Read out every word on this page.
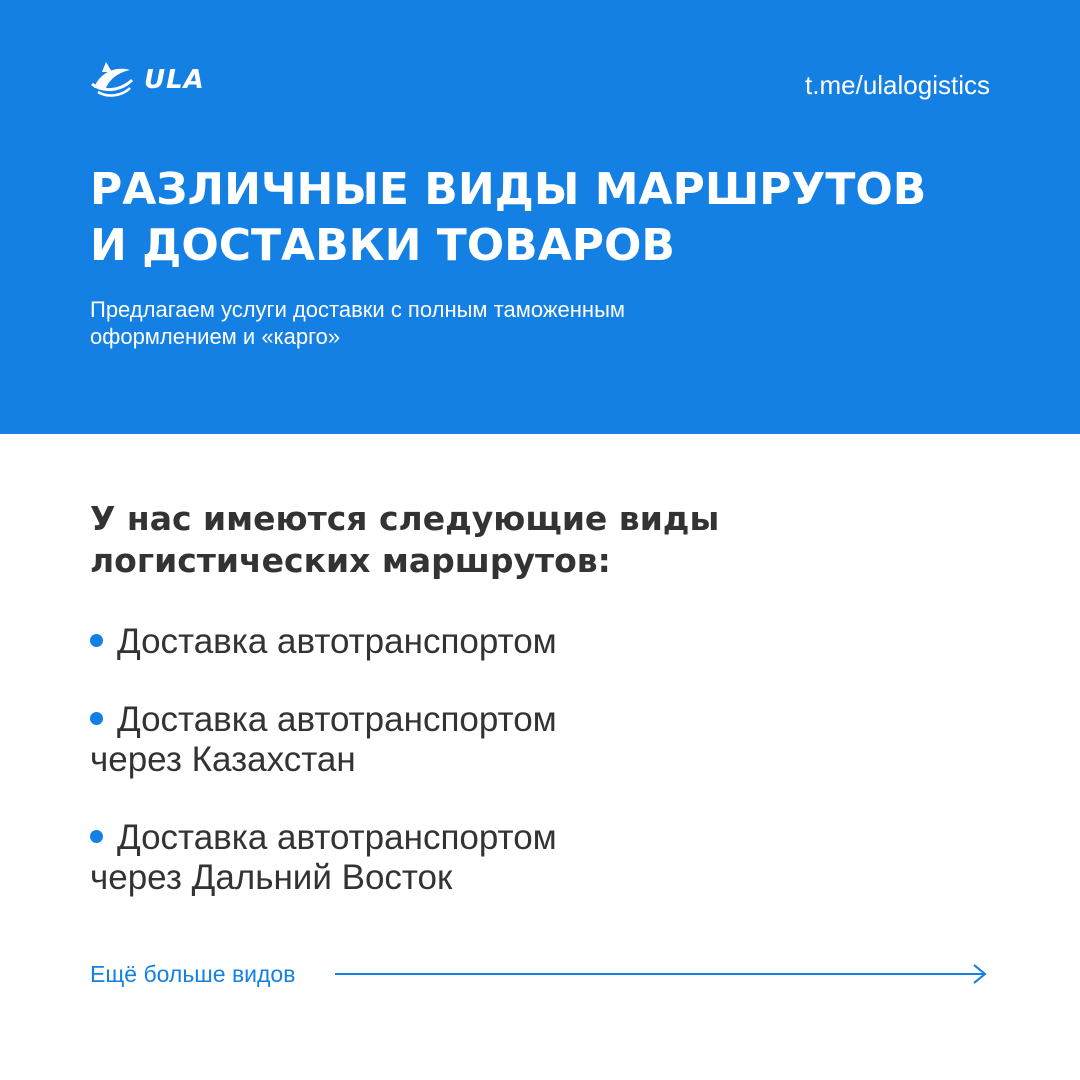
ULA	t.me/ulalogistics
РАЗЛИЧНЫЕ ВИДЫ МАРШРУТОВ
И ДОСТАВКИ ТОВАРОВ

Предлагаем услуги доставки с полным таможенным
оформлением и «карго»

У нас имеются следующие виды
логистических маршрутов:

Доставка автотранспортом
Доставка автотранспортом
через Казахстан
Доставка автотранспортом
через Дальний Восток
Ещё больше видов
